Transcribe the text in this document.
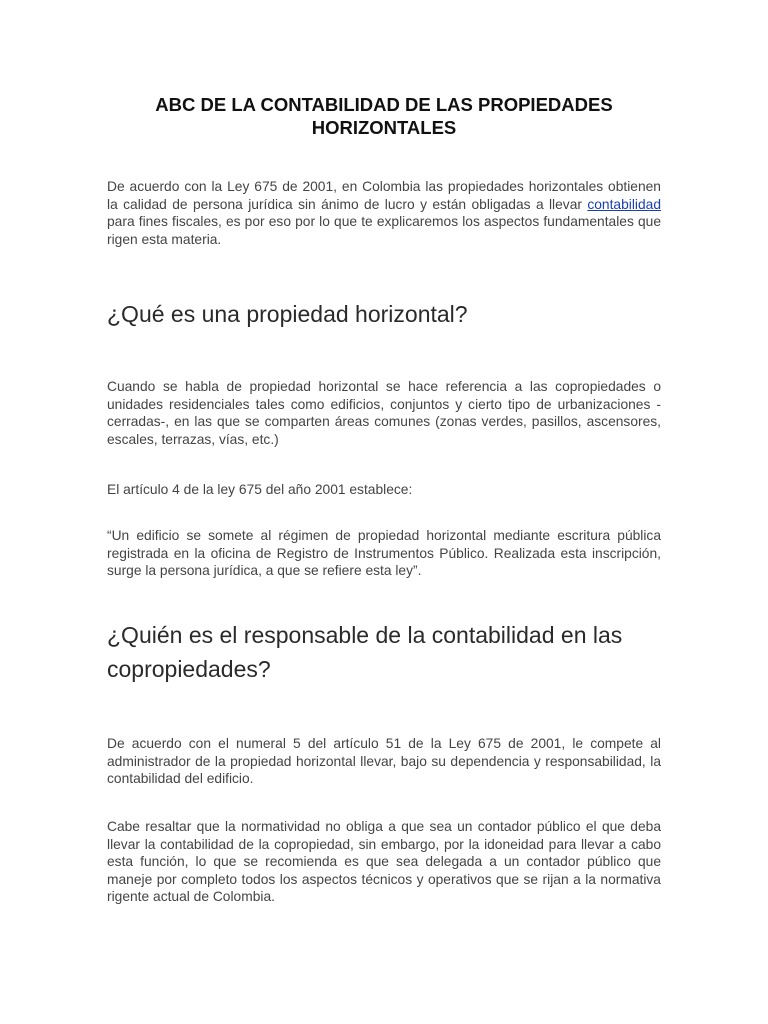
ABC DE LA CONTABILIDAD DE LAS PROPIEDADES HORIZONTALES

De acuerdo con la Ley 675 de 2001, en Colombia las propiedades horizontales obtienen la calidad de persona jurídica sin ánimo de lucro y están obligadas a llevar contabilidad para fines fiscales, es por eso por lo que te explicaremos los aspectos fundamentales que rigen esta materia.

¿Qué es una propiedad horizontal?

Cuando se habla de propiedad horizontal se hace referencia a las copropiedades o unidades residenciales tales como edificios, conjuntos y cierto tipo de urbanizaciones -cerradas-, en las que se comparten áreas comunes (zonas verdes, pasillos, ascensores, escales, terrazas, vías, etc.)

El artículo 4 de la ley 675 del año 2001 establece:

“Un edificio se somete al régimen de propiedad horizontal mediante escritura pública registrada en la oficina de Registro de Instrumentos Público. Realizada esta inscripción, surge la persona jurídica, a que se refiere esta ley”.

¿Quién es el responsable de la contabilidad en las copropiedades?

De acuerdo con el numeral 5 del artículo 51 de la Ley 675 de 2001, le compete al administrador de la propiedad horizontal llevar, bajo su dependencia y responsabilidad, la contabilidad del edificio.

Cabe resaltar que la normatividad no obliga a que sea un contador público el que deba llevar la contabilidad de la copropiedad, sin embargo, por la idoneidad para llevar a cabo esta función, lo que se recomienda es que sea delegada a un contador público que maneje por completo todos los aspectos técnicos y operativos que se rijan a la normativa rigente actual de Colombia.
